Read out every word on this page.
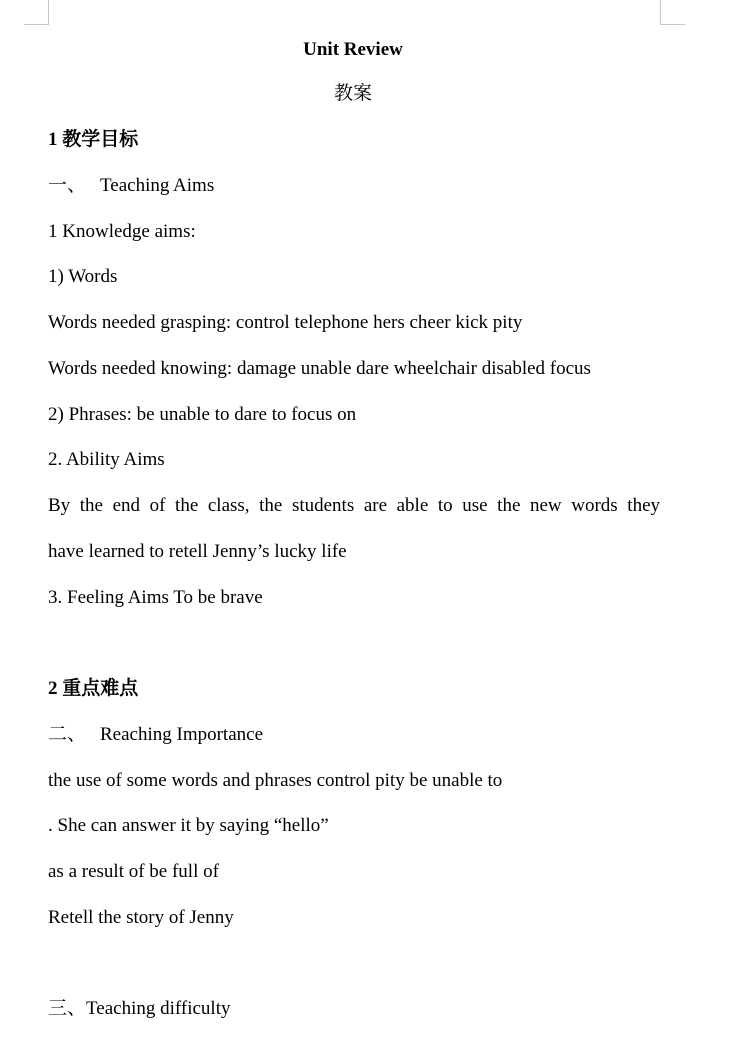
Unit Review
教案
1 教学目标
一、 Teaching Aims
1 Knowledge aims:
1) Words
Words needed grasping: control telephone hers cheer kick pity
Words needed knowing: damage unable dare wheelchair disabled focus
2) Phrases: be unable to dare to focus on
2. Ability Aims
By the end of the class, the students are able to use the new words they
have learned to retell Jenny’s lucky life
3. Feeling Aims To be brave
2 重点难点
二、 Reaching Importance
the use of some words and phrases control pity be unable to
. She can answer it by saying “hello”
as a result of be full of
Retell the story of Jenny
三、Teaching difficulty
